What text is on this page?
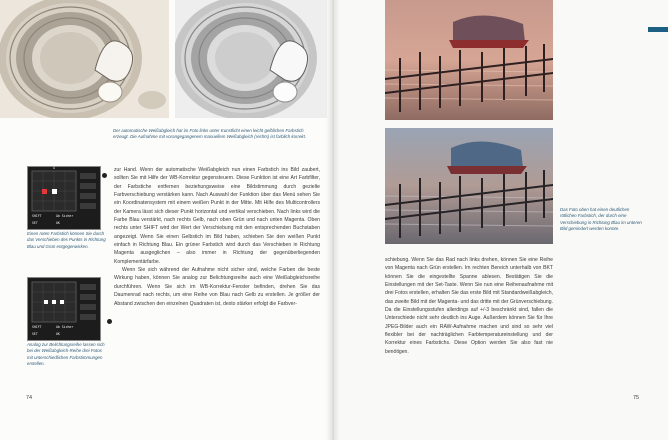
Der automatische Weißabgleich hat im Foto links unter Kunstlicht einen leicht gelblichen Farbstich erzeugt. Die Aufnahme mit vorangegangenem manuellem Weißabgleich (rechts) ist farblich korrekt.
SHIFT	Ab Sicher
SET	OK
G
Einen roten Farbstich können Sie durch das Verschieben des Punkts in Richtung Blau und Grün entgegenwirken.
SHIFT	Ab Sicher
SET	OK
Analog zur Belichtungsreihe lassen sich bei der Weißabgleich-Reihe drei Fotos mit unterschiedlichen Farbstimmungen erstellen.

zur Hand. Wenn der automatische Weißabgleich nun einen Farbstich ins Bild zaubert, sollten Sie mit Hilfe der WB-Korrektur gegensteuern. Diese Funktion ist eine Art Farbfilter, der Farbstiche entfernen beziehungsweise eine Bildstimmung durch gezielte Farbverschiebung verstärken kann. Nach Auswahl der Funktion über das Menü sehen Sie ein Koordinatensystem mit einem weißen Punkt in der Mitte. Mit Hilfe des Multicontrollers der Kamera lässt sich dieser Punkt horizontal und vertikal verschieben. Nach links wird die Farbe Blau verstärkt, nach rechts Gelb, nach oben Grün und nach unten Magenta. Oben rechts unter SHIFT wird der Wert der Verschiebung mit den entsprechenden Buchstaben angezeigt. Wenn Sie einen Gelbstich im Bild haben, schieben Sie den weißen Punkt einfach in Richtung Blau. Ein grüner Farbstich wird durch das Verschieben in Richtung Magenta ausgeglichen – also immer in Richtung der gegenüberliegenden Komplementärfarbe.

Wenn Sie sich während der Aufnahme nicht sicher sind, welche Farben die beste Wirkung haben, können Sie analog zur Belichtungsreihe auch eine Weißabgleichsreihe durchführen. Wenn Sie sich im WB-Korrektur-Fenster befinden, drehen Sie das Daumenrad nach rechts, um eine Reihe von Blau nach Gelb zu erstellen. Je größer der Abstand zwischen den einzelnen Quadraten ist, desto stärker erfolgt die Farbver-

74
Das Foto oben hat einen deutlichen rötlichen Farbstich, der durch eine Verschiebung in Richtung Blau im unteren Bild gemindert werden konnte.
schiebung. Wenn Sie das Rad nach links drehen, können Sie eine Reihe von Magenta nach Grün erstellen. Im rechten Bereich unterhalb von BKT können Sie die eingestellte Spanne ablesen. Bestätigen Sie die Einstellungen mit der Set-Taste. Wenn Sie nun eine Reihenaufnahme mit drei Fotos erstellen, erhalten Sie das erste Bild mit Standardweißabgleich, das zweite Bild mit der Magenta- und das dritte mit der Grünverschiebung. Da die Einstellungsstufen allerdings auf +/-3 beschränkt sind, fallen die Unterschiede nicht sehr deutlich ins Auge. Außerdem können Sie für Ihre JPEG-Bilder auch ein RAW-Aufnahme machen und sind so sehr viel flexibler bei der nachträglichen Farbtemperatureinstellung und der Korrektur eines Farbstichs. Diese Option werden Sie also fast nie benötigen.
75
